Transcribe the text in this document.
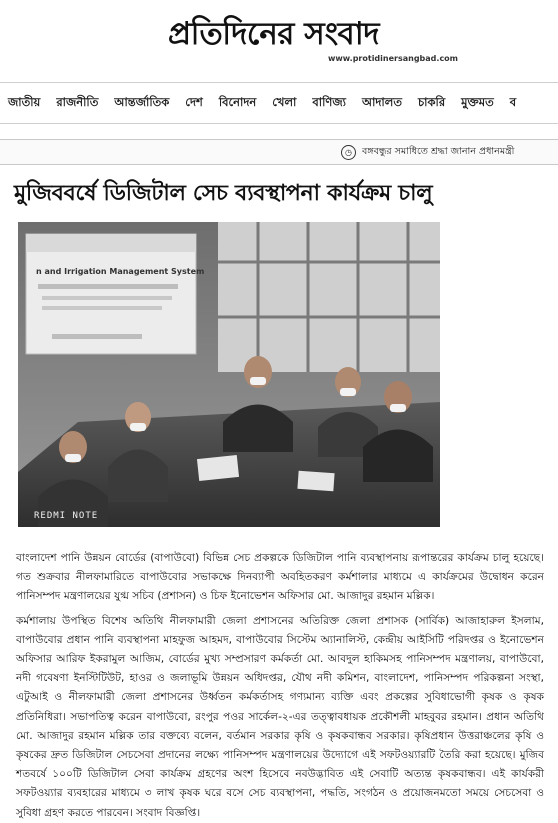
প্রতিদিনের সংবাদ
www.protidinersangbad.com
জাতীয়	রাজনীতি	আন্তর্জাতিক	দেশ	বিনোদন	খেলা	বাণিজ্য	আদালত	চাকরি	মুক্তমত	ব
◷	বঙ্গবন্ধুর সমাধিতে শ্রদ্ধা জানান প্রধানমন্ত্রী
মুজিববর্ষে ডিজিটাল সেচ ব্যবস্থাপনা কার্যক্রম চালু
n and Irrigation Management System
REDMI NOTE

বাংলাদেশ পানি উন্নয়ন বোর্ডের (বাপাউবো) বিভিন্ন সেচ প্রকল্পকে ডিজিটাল পানি ব্যবস্থাপনায় রূপান্তরের কার্যক্রম চালু হয়েছে। গত শুক্রবার নীলফামারিতে বাপাউবোর সভাকক্ষে দিনব্যাপী অবহিতকরণ কর্মশালার মাধ্যমে এ কার্যক্রমের উদ্বোধন করেন পানিসম্পদ মন্ত্রণালয়ের যুগ্ম সচিব (প্রশাসন) ও চিফ ইনোভেশন অফিসার মো. আজাদুর রহমান মল্লিক।

কর্মশালায় উপস্থিত বিশেষ অতিথি নীলফামারী জেলা প্রশাসনের অতিরিক্ত জেলা প্রশাসক (সার্বিক) আজাহারুল ইসলাম, বাপাউবোর প্রধান পানি ব্যবস্থাপনা মাহফুজ আহমদ, বাপাউবোর সিস্টেম অ্যানালিস্ট, কেন্দ্রীয় আইসিটি পরিদপ্তর ও ইনোভেশন অফিসার আরিফ ইকরামুল আজিম, বোর্ডের মুখ্য সম্প্রসারণ কর্মকর্তা মো. আবদুল হাকিমসহ পানিসম্পদ মন্ত্রণালয়, বাপাউবো, নদী গবেষণা ইনস্টিটিউট, হাওর ও জলাভূমি উন্নয়ন অধিদপ্তর, যৌথ নদী কমিশন, বাংলাদেশ, পানিসম্পদ পরিকল্পনা সংস্থা, এটুআই ও নীলফামারী জেলা প্রশাসনের উর্ধ্বতন কর্মকর্তাসহ গণ্যমান্য ব্যক্তি এবং প্রকল্পের সুবিধাভোগী কৃষক ও কৃষক প্রতিনিধিরা। সভাপতিত্ব করেন বাপাউবো, রংপুর পওর সার্কেল-২-এর তত্ত্বাবধায়ক প্রকৌশলী মাহবুবর রহমান। প্রধান অতিথি মো. আজাদুর রহমান মল্লিক তার বক্তব্যে বলেন, বর্তমান সরকার কৃষি ও কৃষকবান্ধব সরকার। কৃষিপ্রধান উত্তরাঞ্চলের কৃষি ও কৃষকের দ্রুত ডিজিটাল সেচসেবা প্রদানের লক্ষ্যে পানিসম্পদ মন্ত্রণালয়ের উদ্যোগে এই সফটওয়্যারটি তৈরি করা হয়েছে। মুজিব শতবর্ষে ১০০টি ডিজিটাল সেবা কার্যক্রম গ্রহণের অংশ হিসেবে নবউদ্ভাবিত এই সেবাটি অত্যন্ত কৃষকবান্ধব। এই কার্যকরী সফটওয়্যার ব্যবহারের মাধ্যমে ৩ লাখ কৃষক ঘরে বসে সেচ ব্যবস্থাপনা, পদ্ধতি, সংগঠন ও প্রয়োজনমতো সময়ে সেচসেবা ও সুবিধা গ্রহণ করতে পারবেন। সংবাদ বিজ্ঞপ্তি।
